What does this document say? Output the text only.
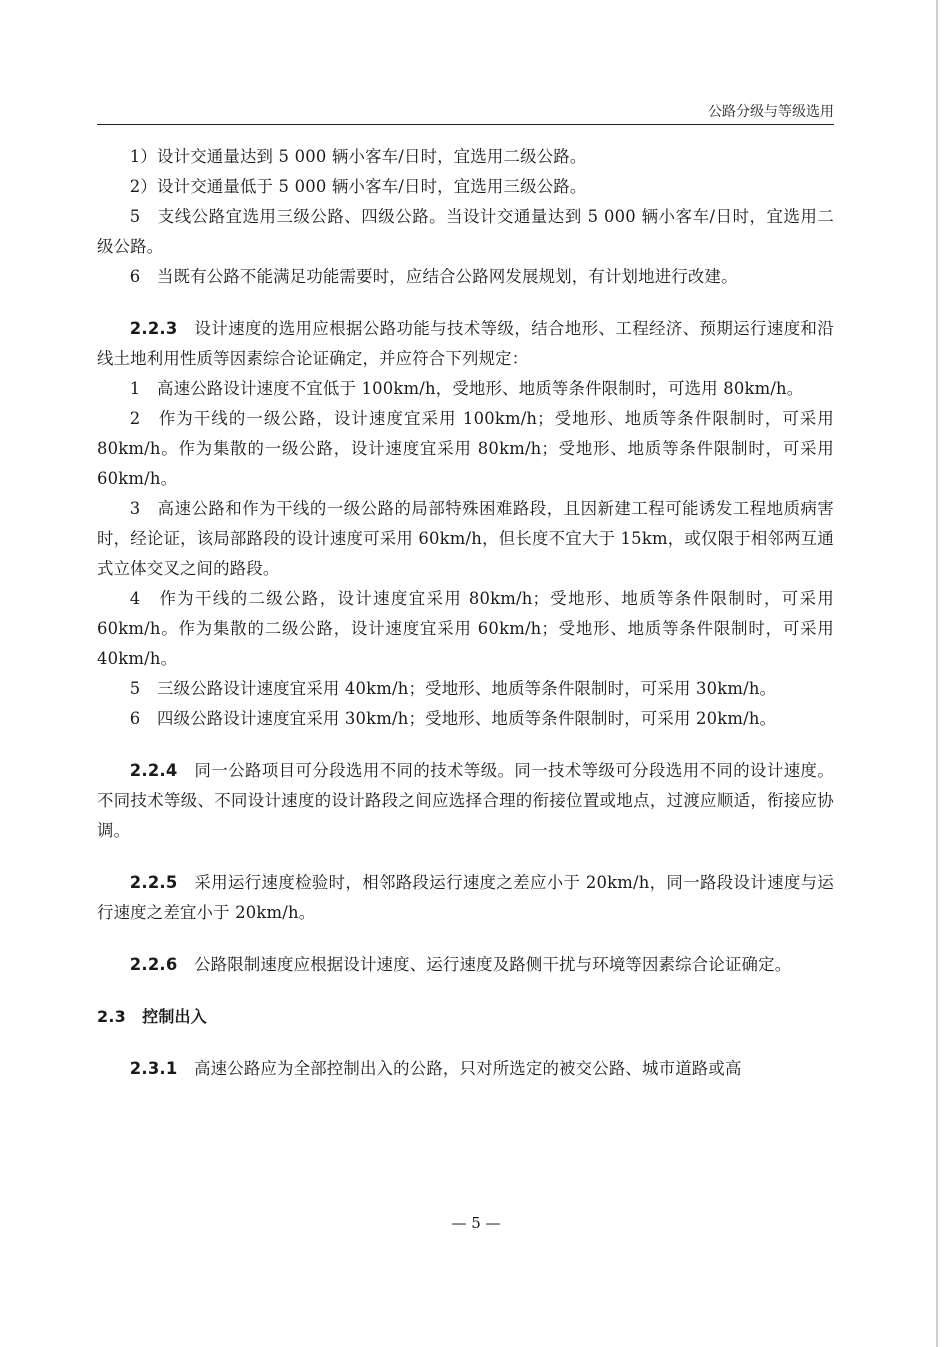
公路分级与等级选用

1）设计交通量达到 5 000 辆小客车/日时，宜选用二级公路。

2）设计交通量低于 5 000 辆小客车/日时，宜选用三级公路。

5　支线公路宜选用三级公路、四级公路。当设计交通量达到 5 000 辆小客车/日时，宜选用二级公路。

6　当既有公路不能满足功能需要时，应结合公路网发展规划，有计划地进行改建。

2.2.3　 设计速度的选用应根据公路功能与技术等级，结合地形、工程经济、预期运行速度和沿线土地利用性质等因素综合论证确定，并应符合下列规定：

1　高速公路设计速度不宜低于 100km/h，受地形、地质等条件限制时，可选用 80km/h。

2　作为干线的一级公路，设计速度宜采用 100km/h；受地形、地质等条件限制时，可采用 80km/h。作为集散的一级公路，设计速度宜采用 80km/h；受地形、地质等条件限制时，可采用 60km/h。

3　高速公路和作为干线的一级公路的局部特殊困难路段，且因新建工程可能诱发工程地质病害时，经论证，该局部路段的设计速度可采用 60km/h，但长度不宜大于 15km，或仅限于相邻两互通式立体交叉之间的路段。

4　作为干线的二级公路，设计速度宜采用 80km/h；受地形、地质等条件限制时，可采用 60km/h。作为集散的二级公路，设计速度宜采用 60km/h；受地形、地质等条件限制时，可采用 40km/h。

5　三级公路设计速度宜采用 40km/h；受地形、地质等条件限制时，可采用 30km/h。

6　四级公路设计速度宜采用 30km/h；受地形、地质等条件限制时，可采用 20km/h。

2.2.4　 同一公路项目可分段选用不同的技术等级。同一技术等级可分段选用不同的设计速度。不同技术等级、不同设计速度的设计路段之间应选择合理的衔接位置或地点，过渡应顺适，衔接应协调。

2.2.5　 采用运行速度检验时，相邻路段运行速度之差应小于 20km/h，同一路段设计速度与运行速度之差宜小于 20km/h。

2.2.6　 公路限制速度应根据设计速度、运行速度及路侧干扰与环境等因素综合论证确定。

2.3　 控制出入

2.3.1　 高速公路应为全部控制出入的公路，只对所选定的被交公路、城市道路或高

— 5 —
